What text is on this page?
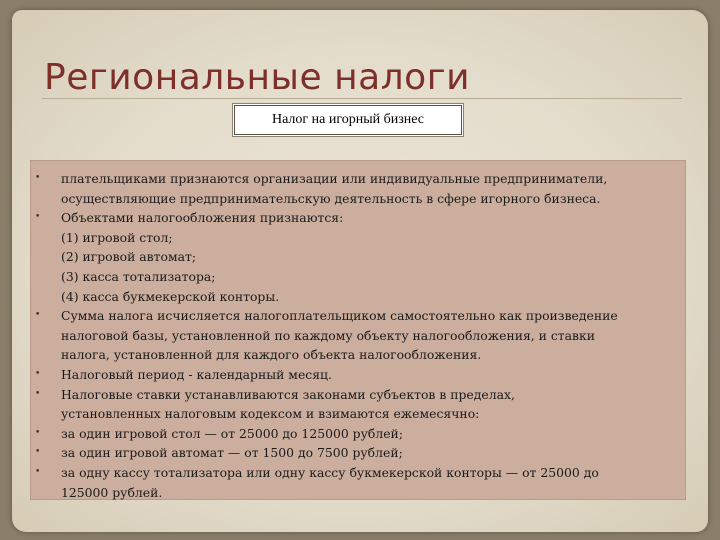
Региональные налоги
Налог на игорный бизнес
• плательщиками признаются организации или индивидуальные предприниматели,
осуществляющие предпринимательскую деятельность в сфере игорного бизнеса.
• Объектами налогообложения признаются:
(1) игровой стол;
(2) игровой автомат;
(3) касса тотализатора;
(4) касса букмекерской конторы.
• Сумма налога исчисляется налогоплательщиком самостоятельно как произведение
налоговой базы, установленной по каждому объекту налогообложения, и ставки
налога, установленной для каждого объекта налогообложения.
• Налоговый период - календарный месяц.
• Налоговые ставки устанавливаются законами субъектов в пределах,
установленных налоговым кодексом и взимаются ежемесячно:
• за один игровой стол — от 25000 до 125000 рублей;
• за один игровой автомат — от 1500 до 7500 рублей;
• за одну кассу тотализатора или одну кассу букмекерской конторы — от 25000 до
125000 рублей.
